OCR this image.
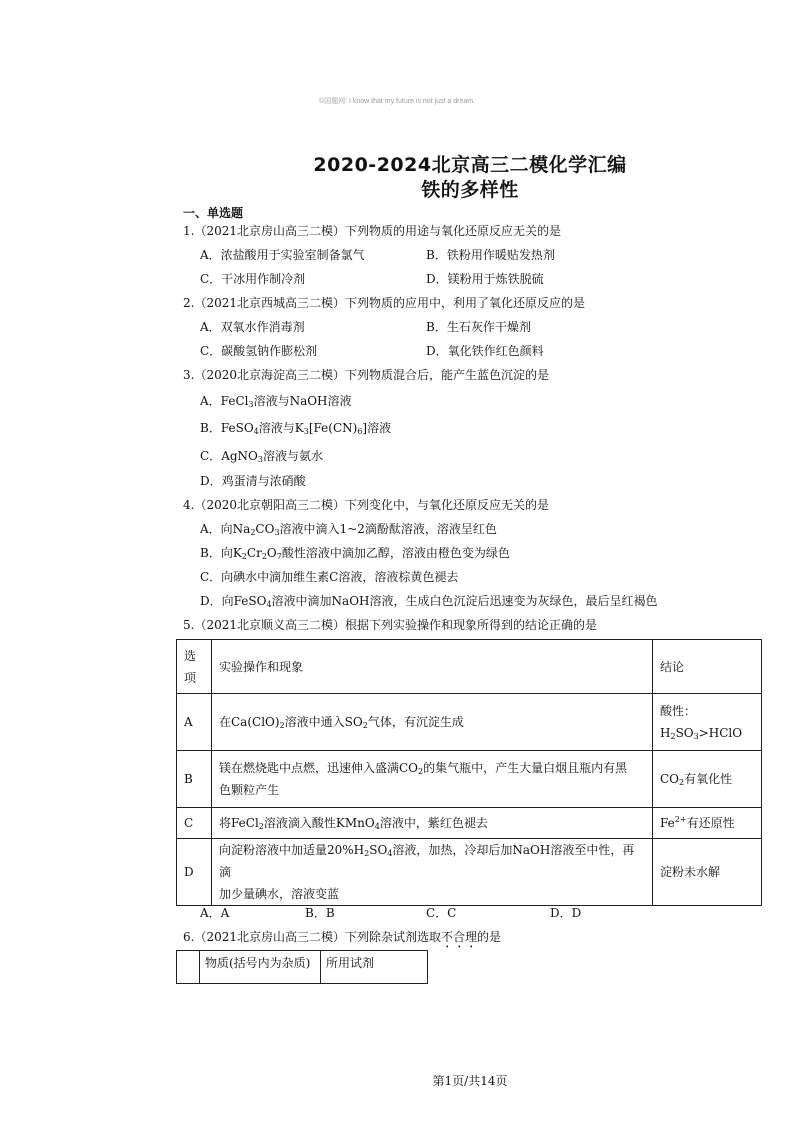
©国题网: I know that my future is not just a dream.
2020-2024北京高三二模化学汇编
铁的多样性
一、单选题
1.（2021北京房山高三二模）下列物质的用途与氧化还原反应无关的是
A．浓盐酸用于实验室制备氯气	B．铁粉用作暖贴发热剂
C．干冰用作制冷剂	D．镁粉用于炼铁脱硫
2.（2021北京西城高三二模）下列物质的应用中，利用了氧化还原反应的是
A．双氧水作消毒剂	B．生石灰作干燥剂
C．碳酸氢钠作膨松剂	D．氧化铁作红色颜料
3.（2020北京海淀高三二模）下列物质混合后，能产生蓝色沉淀的是
A．FeCl$_3$溶液与NaOH溶液
B．FeSO$_4$溶液与$K_3[Fe(CN)_6]$溶液
C．AgNO$_3$溶液与氨水
D．鸡蛋清与浓硝酸
4.（2020北京朝阳高三二模）下列变化中，与氧化还原反应无关的是
A．向$Na_2CO_3$溶液中滴入1~2滴酚酞溶液，溶液呈红色
B．向$K_2Cr_2O_7$酸性溶液中滴加乙醇，溶液由橙色变为绿色
C．向碘水中滴加维生素C溶液，溶液棕黄色褪去
D．向FeSO$_4$溶液中滴加NaOH溶液，生成白色沉淀后迅速变为灰绿色，最后呈红褐色
5.（2021北京顺义高三二模）根据下列实验操作和现象所得到的结论正确的是
选
项	实验操作和现象	结论
A	在$Ca(ClO)_2$溶液中通入$SO_2$气体，有沉淀生成	酸性：
$H_2SO_3>HClO$
B	镁在燃烧匙中点燃，迅速伸入盛满$CO_2$的集气瓶中，产生大量白烟且瓶内有黑
色颗粒产生	$CO_2$有氧化性
C	将FeCl$_2$溶液滴入酸性KMnO$_4$溶液中，紫红色褪去	$Fe^{2+}$有还原性
D	向淀粉溶液中加适量$20\%H_2SO_4$溶液，加热，冷却后加NaOH溶液至中性，再滴
加少量碘水，溶液变蓝	淀粉未水解
A．A	B．B	C．C	D．D
6.（2021北京房山高三二模）下列除杂试剂选取不合理的是
	物质(括号内为杂质)	所用试剂
第1页/共14页
